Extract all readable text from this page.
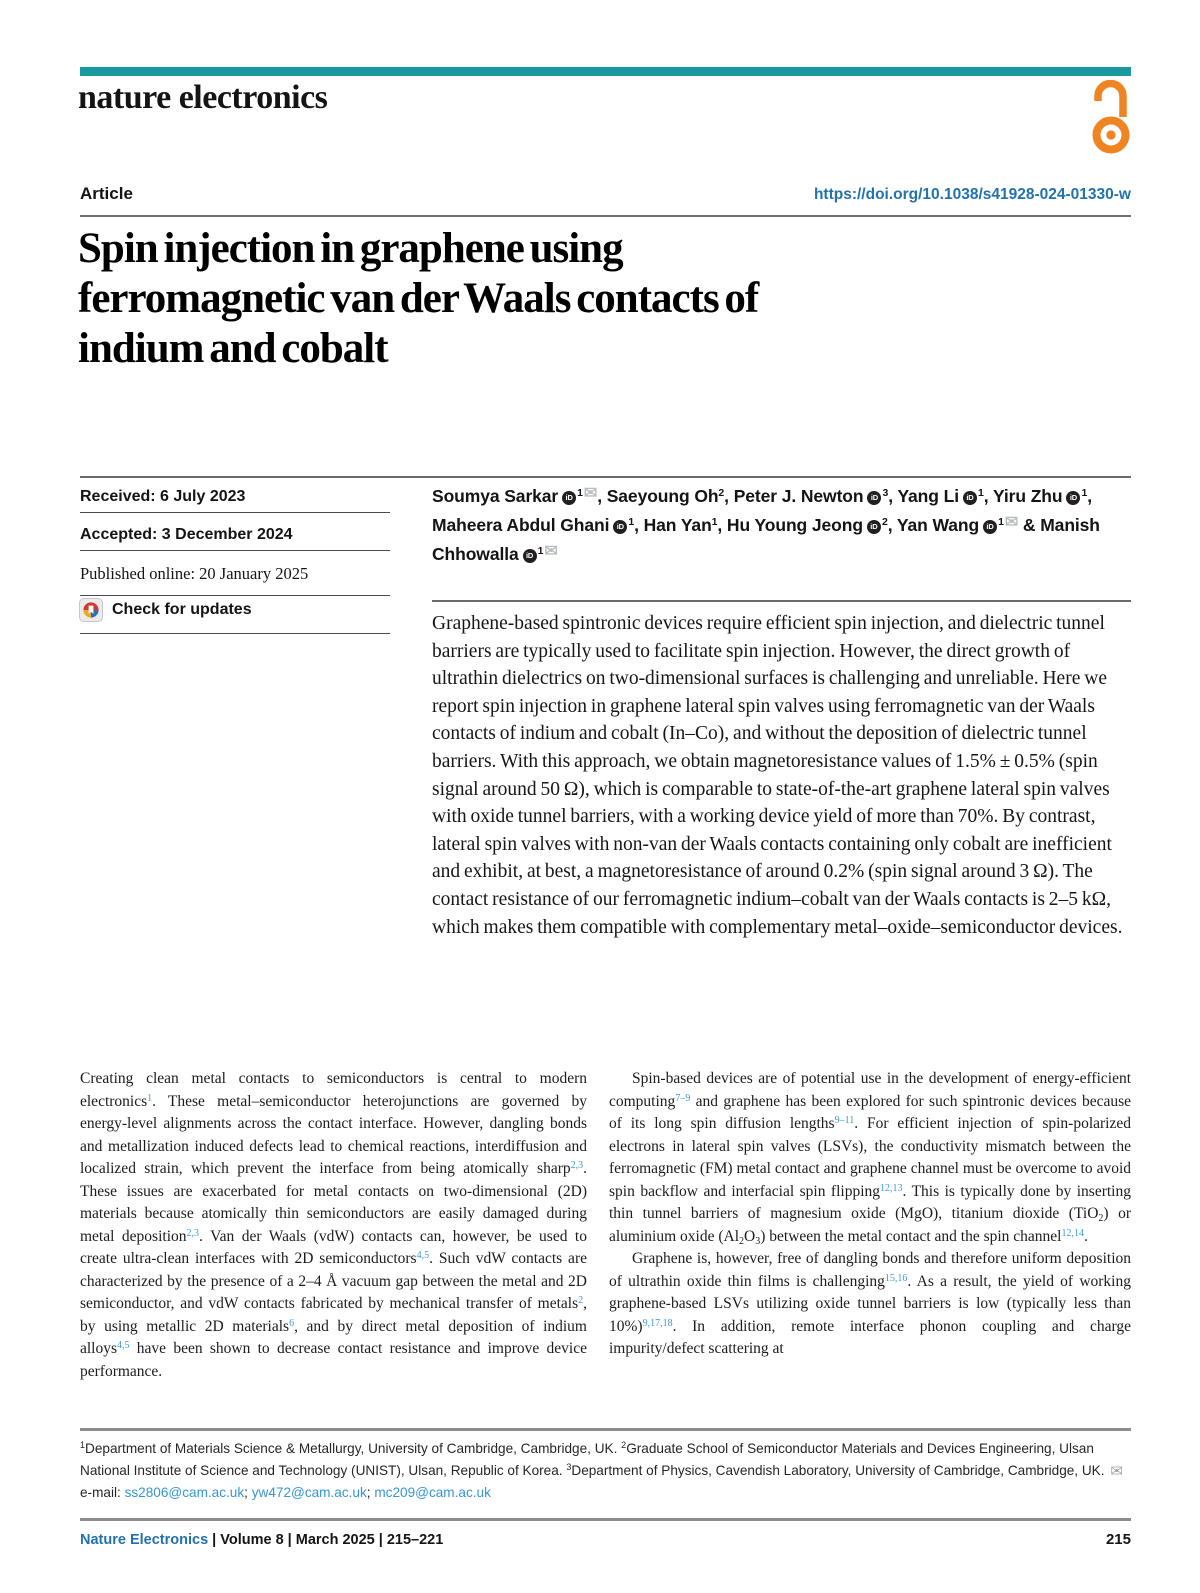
nature electronics
Article	https://doi.org/10.1038/s41928-024-01330-w
Spin injection in graphene using
ferromagnetic van der Waals contacts of
indium and cobalt
Received: 6 July 2023
Accepted: 3 December 2024
Published online: 20 January 2025
Check for updates
Soumya Sarkar iD $^1$✉, Saeyoung Oh$^2$, Peter J. Newton iD $^3$, Yang Li iD $^1$, Yiru Zhu iD $^1$, Maheera Abdul Ghani iD $^1$, Han Yan$^1$, Hu Young Jeong iD $^2$, Yan Wang iD $^1$✉ & Manish Chhowalla iD $^1$✉

Graphene-based spintronic devices require efficient spin injection, and dielectric tunnel barriers are typically used to facilitate spin injection. However, the direct growth of ultrathin dielectrics on two-dimensional surfaces is challenging and unreliable. Here we report spin injection in graphene lateral spin valves using ferromagnetic van der Waals contacts of indium and cobalt (In–Co), and without the deposition of dielectric tunnel barriers. With this approach, we obtain magnetoresistance values of 1.5% ± 0.5% (spin signal around 50 Ω), which is comparable to state-of-the-art graphene lateral spin valves with oxide tunnel barriers, with a working device yield of more than 70%. By contrast, lateral spin valves with non-van der Waals contacts containing only cobalt are inefficient and exhibit, at best, a magnetoresistance of around 0.2% (spin signal around 3 Ω). The contact resistance of our ferromagnetic indium–cobalt van der Waals contacts is 2–5 kΩ, which makes them compatible with complementary metal–oxide–semiconductor devices.

Creating clean metal contacts to semiconductors is central to modern electronics$^1$. These metal–semiconductor heterojunctions are governed by energy-level alignments across the contact interface. However, dangling bonds and metallization induced defects lead to chemical reactions, interdiffusion and localized strain, which prevent the interface from being atomically sharp$^{2,3}$. These issues are exacerbated for metal contacts on two-dimensional (2D) materials because atomically thin semiconductors are easily damaged during metal deposition$^{2,3}$. Van der Waals (vdW) contacts can, however, be used to create ultra-clean interfaces with 2D semiconductors$^{4,5}$. Such vdW contacts are characterized by the presence of a 2–4 Å vacuum gap between the metal and 2D semiconductor, and vdW contacts fabricated by mechanical transfer of metals$^2$, by using metallic 2D materials$^6$, and by direct metal deposition of indium alloys$^{4,5}$ have been shown to decrease contact resistance and improve device performance.

Spin-based devices are of potential use in the development of energy-efficient computing$^{7-9}$ and graphene has been explored for such spintronic devices because of its long spin diffusion lengths$^{9-11}$. For efficient injection of spin-polarized electrons in lateral spin valves (LSVs), the conductivity mismatch between the ferromagnetic (FM) metal contact and graphene channel must be overcome to avoid spin backflow and interfacial spin flipping$^{12,13}$. This is typically done by inserting thin tunnel barriers of magnesium oxide (MgO), titanium dioxide (TiO$_2$) or aluminium oxide $(Al_2O_3)$ between the metal contact and the spin channel$^{12,14}$.

Graphene is, however, free of dangling bonds and therefore uniform deposition of ultrathin oxide thin films is challenging$^{15,16}$. As a result, the yield of working graphene-based LSVs utilizing oxide tunnel barriers is low (typically less than 10%)$^{9,17,18}$. In addition, remote interface phonon coupling and charge impurity/defect scattering at

$^1$Department of Materials Science & Metallurgy, University of Cambridge, Cambridge, UK. $^2$Graduate School of Semiconductor Materials and Devices Engineering, Ulsan National Institute of Science and Technology (UNIST), Ulsan, Republic of Korea. $^3$Department of Physics, Cavendish Laboratory, University of Cambridge, Cambridge, UK. ✉e-mail: ss2806@cam.ac.uk; yw472@cam.ac.uk; mc209@cam.ac.uk
Nature Electronics | Volume 8 | March 2025 | 215–221	215
